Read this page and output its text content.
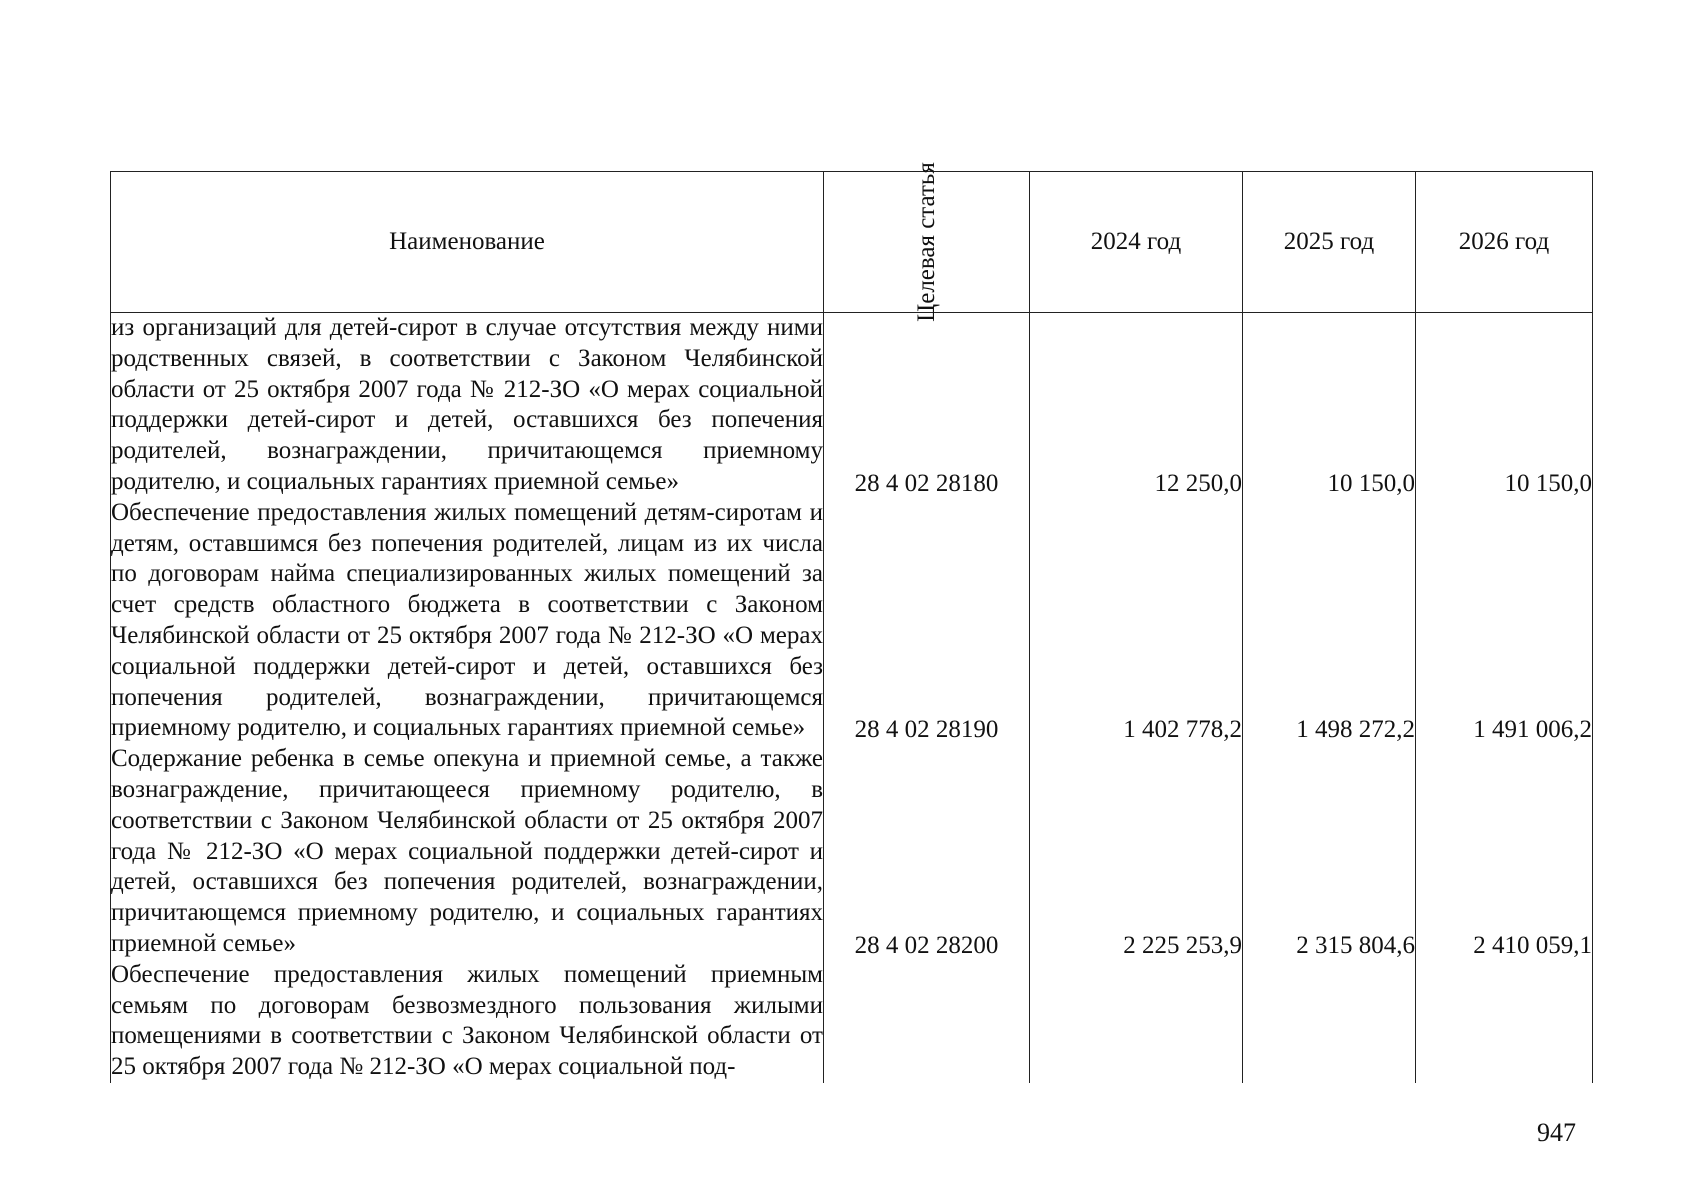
Наименование	Целевая статья	2024 год	2025 год	2026 год
из организаций для детей-сирот в случае отсутствия между ними родственных связей, в соответствии с Законом Челябинской области от 25 октября 2007 года № 212-ЗО «О мерах социальной поддержки детей-сирот и детей, оставшихся без попечения родителей, вознаграждении, причитающемся приемному родителю, и социальных гарантиях приемной семье»	28 4 02 28180	12 250,0	10 150,0	10 150,0
Обеспечение предоставления жилых помещений детям-сиротам и детям, оставшимся без попечения родителей, лицам из их числа по договорам найма специализированных жилых помещений за счет средств областного бюджета в соответствии с Законом Челябинской области от 25 октября 2007 года № 212-ЗО «О мерах социальной поддержки детей-сирот и детей, оставшихся без попечения родителей, вознаграждении, причитающемся приемному родителю, и социальных гарантиях приемной семье»	28 4 02 28190	1 402 778,2	1 498 272,2	1 491 006,2
Содержание ребенка в семье опекуна и приемной семье, а также вознаграждение, причитающееся приемному родителю, в соответствии с Законом Челябинской области от 25 октября 2007 года № 212-ЗО «О мерах социальной поддержки детей-сирот и детей, оставшихся без попечения родителей, вознаграждении, причитающемся приемному родителю, и социальных гарантиях приемной семье»	28 4 02 28200	2 225 253,9	2 315 804,6	2 410 059,1
Обеспечение предоставления жилых помещений приемным семьям по договорам безвозмездного пользования жилыми помещениями в соответствии с Законом Челябинской области от 25 октября 2007 года № 212-ЗО «О мерах социальной под-				
947
